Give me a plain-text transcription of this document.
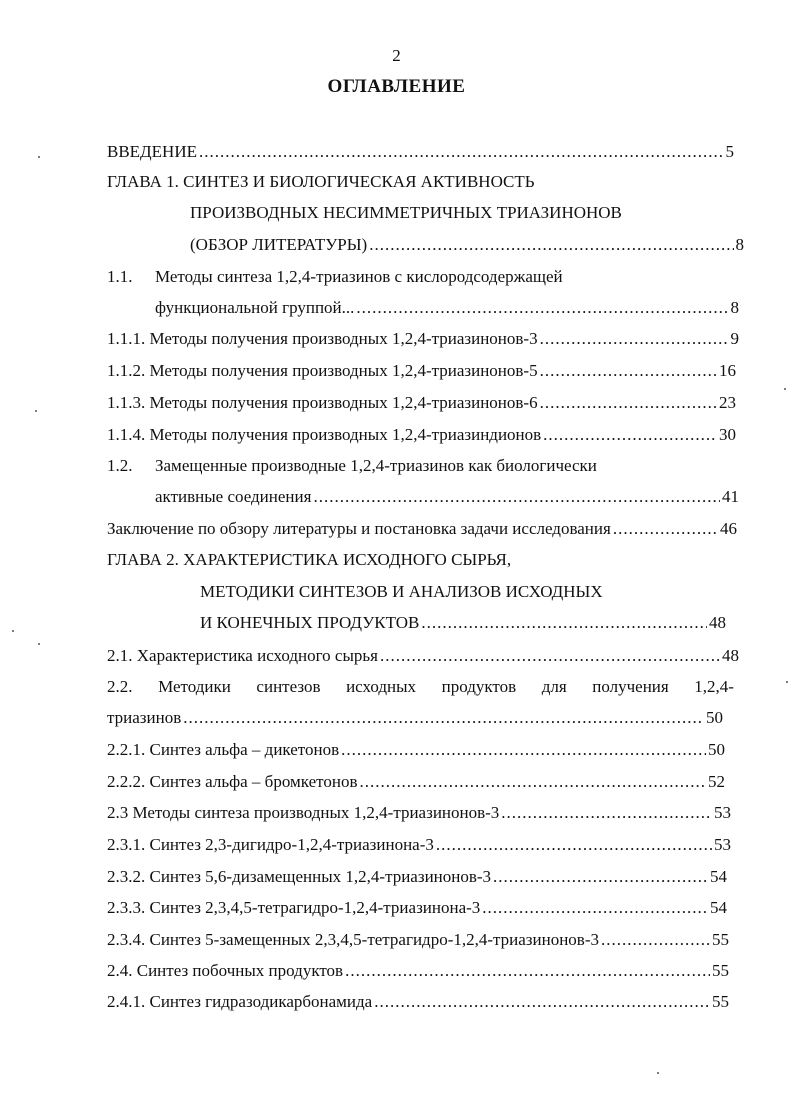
2
ОГЛАВЛЕНИЕ
ВВЕДЕНИЕ .....	5
ГЛАВА 1. СИНТЕЗ И БИОЛОГИЧЕСКАЯ АКТИВНОСТЬ
ПРОИЗВОДНЫХ НЕСИММЕТРИЧНЫХ ТРИАЗИНОНОВ
(ОБЗОР ЛИТЕРАТУРЫ) .....	8
1.1. Методы синтеза 1,2,4-триазинов с кислородсодержащей
функциональной группой... .....	8
1.1.1. Методы получения производных 1,2,4-триазинонов-3 .....	9
1.1.2. Методы получения производных 1,2,4-триазинонов-5 .....	16
1.1.3. Методы получения производных 1,2,4-триазинонов-6 .....	23
1.1.4. Методы получения производных 1,2,4-триазиндионов .....	30
1.2. Замещенные производные 1,2,4-триазинов как биологически
активные соединения .....	41
Заключение по обзору литературы и постановка задачи исследования .....	46
ГЛАВА 2. ХАРАКТЕРИСТИКА ИСХОДНОГО СЫРЬЯ,
МЕТОДИКИ СИНТЕЗОВ И АНАЛИЗОВ ИСХОДНЫХ
И КОНЕЧНЫХ ПРОДУКТОВ .....	48
2.1. Характеристика исходного сырья .....	48
2.2. Методики синтезов исходных продуктов для получения 1,2,4-
триазинов .....	50
2.2.1. Синтез альфа – дикетонов .....	50
2.2.2. Синтез альфа – бромкетонов .....	52
2.3 Методы синтеза производных 1,2,4-триазинонов-3 .....	53
2.3.1. Синтез 2,3-дигидро-1,2,4-триазинона-3 .....	53
2.3.2. Синтез 5,6-дизамещенных 1,2,4-триазинонов-3 .....	54
2.3.3. Синтез 2,3,4,5-тетрагидро-1,2,4-триазинона-3 .....	54
2.3.4. Синтез 5-замещенных 2,3,4,5-тетрагидро-1,2,4-триазинонов-3 .....	55
2.4. Синтез побочных продуктов .....	55
2.4.1. Синтез гидразодикарбонамида .....	55
